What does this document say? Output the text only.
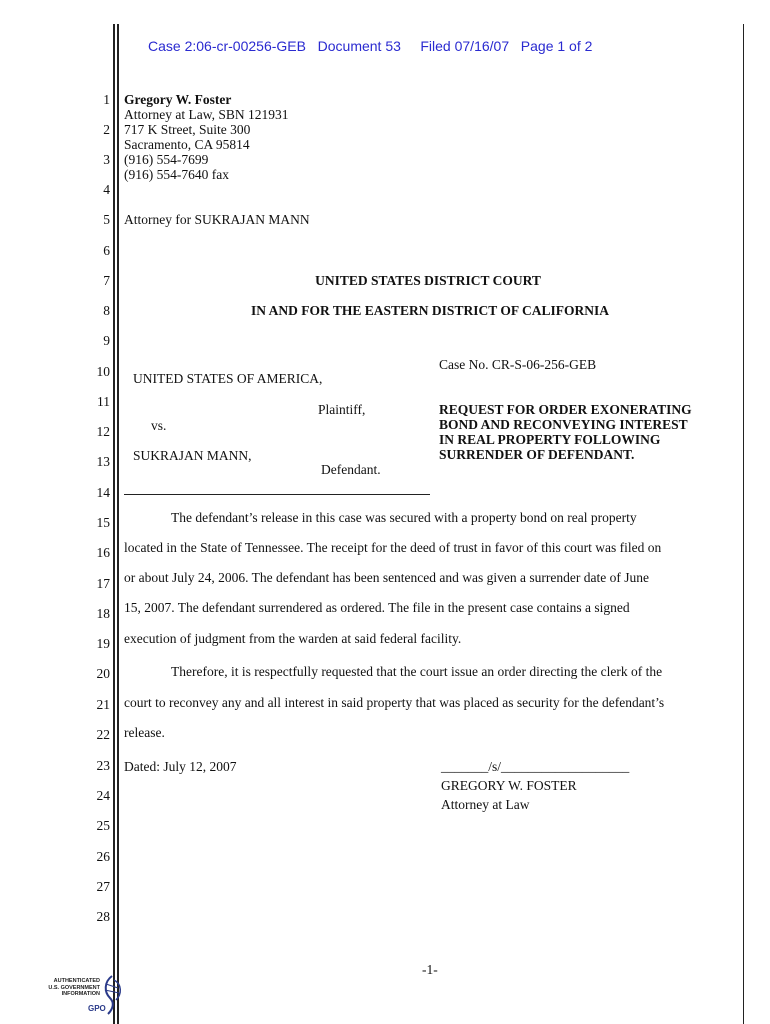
Case 2:06-cr-00256-GEB Document 53 Filed 07/16/07 Page 1 of 2
1
2
3
4
5
6
7
8
9
10
11
12
13
14
15
16
17
18
19
20
21
22
23
24
25
26
27
28
Gregory W. Foster
Attorney at Law, SBN 121931
717 K Street, Suite 300
Sacramento, CA 95814
(916) 554-7699
(916) 554-7640 fax
Attorney for SUKRAJAN MANN
UNITED STATES DISTRICT COURT
IN AND FOR THE EASTERN DISTRICT OF CALIFORNIA
UNITED STATES OF AMERICA,
Plaintiff,
vs.
SUKRAJAN MANN,
Defendant.
Case No. CR-S-06-256-GEB
REQUEST FOR ORDER EXONERATING
BOND AND RECONVEYING INTEREST
IN REAL PROPERTY FOLLOWING
SURRENDER OF DEFENDANT.
The defendant’s release in this case was secured with a property bond on real property
located in the State of Tennessee. The receipt for the deed of trust in favor of this court was filed on
or about July 24, 2006. The defendant has been sentenced and was given a surrender date of June
15, 2007. The defendant surrendered as ordered. The file in the present case contains a signed
execution of judgment from the warden at said federal facility.
Therefore, it is respectfully requested that the court issue an order directing the clerk of the
court to reconvey any and all interest in said property that was placed as security for the defendant’s
release.
Dated: July 12, 2007	_______/s/___________________
GREGORY W. FOSTER
Attorney at Law
-1-
AUTHENTICATED
U.S. GOVERNMENT
INFORMATION
GPO
